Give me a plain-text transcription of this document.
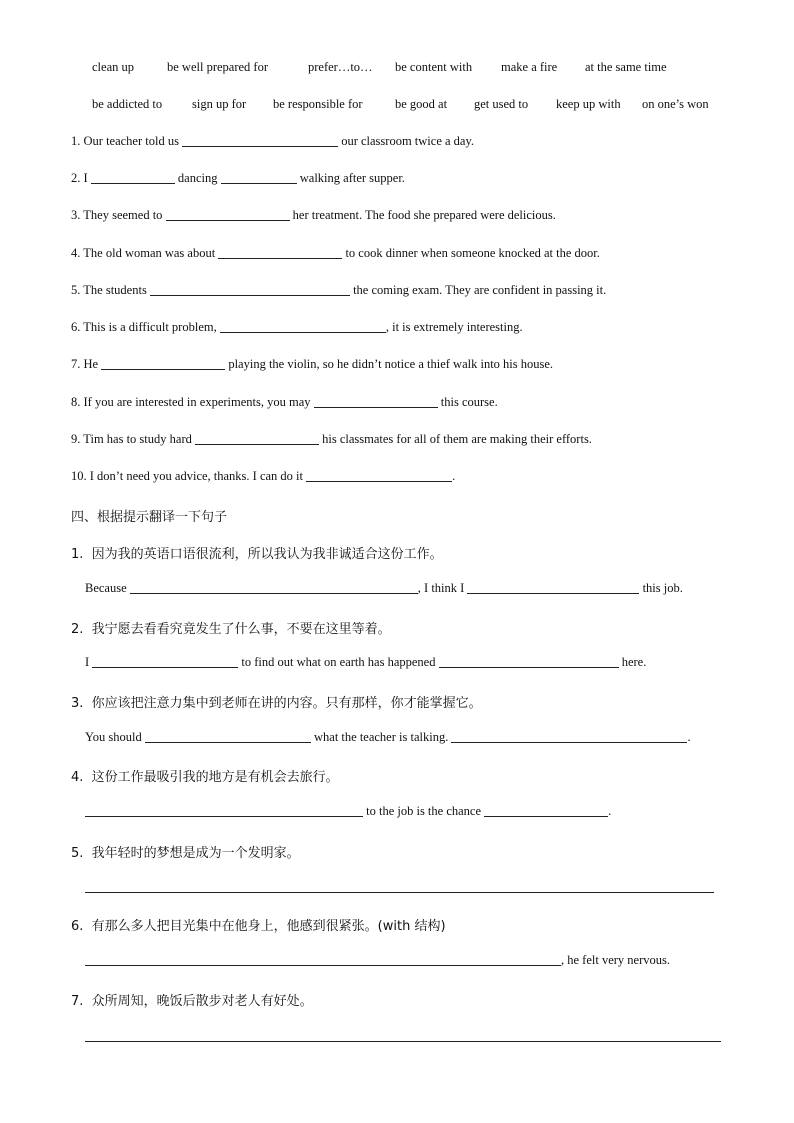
clean up	be well prepared for	prefer…to… be content with make a fire at the same time
be addicted to sign up for be responsible for	be good at get used to keep up with on one’s won
1. Our teacher told us	our classroom twice a day.
2. I	dancing	walking after supper.
3. They seemed to	her treatment. The food she prepared were delicious.
4. The old woman was about	to cook dinner when someone knocked at the door.
5. The students	the coming exam. They are confident in passing it.
6. This is a difficult problem,	, it is extremely interesting.
7. He	playing the violin, so he didn’t notice a thief walk into his house.
8. If you are interested in experiments, you may	this course.
9. Tim has to study hard	his classmates for all of them are making their efforts.
10. I don’t need you advice, thanks. I can do it	.
四、根据提示翻译一下句子
1. 因为我的英语口语很流利，所以我认为我非诚适合这份工作。
Because	, I think I	this job.
2. 我宁愿去看看究竟发生了什么事，不要在这里等着。
I	to find out what on earth has happened	here.
3. 你应该把注意力集中到老师在讲的内容。只有那样，你才能掌握它。
You should	what the teacher is talking.	.
4. 这份工作最吸引我的地方是有机会去旅行。
to the job is the chance	.
5. 我年轻时的梦想是成为一个发明家。
6. 有那么多人把目光集中在他身上，他感到很紧张。(with 结构)
, he felt very nervous.
7. 众所周知，晚饭后散步对老人有好处。
